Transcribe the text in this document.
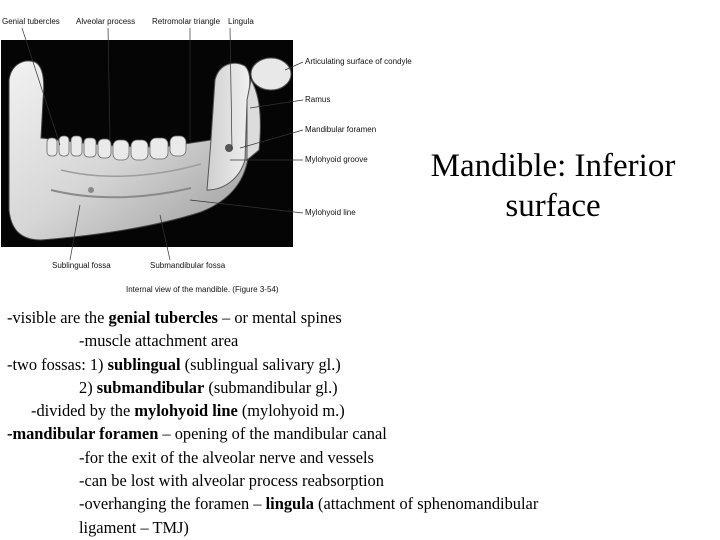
Genial tubercles Alveolar process Retromolar triangle Lingula
Articulating surface of condyle
Ramus
Mandibular foramen
Mylohyoid groove
Mylohyoid line
Sublingual fossa	Submandibular fossa
Internal view of the mandible. (Figure 3-54)
Mandible: Inferior
surface
-visible are the genial tubercles – or mental spines
-muscle attachment area
-two fossas: 1) sublingual (sublingual salivary gl.)
2) submandibular (submandibular gl.)
-divided by the mylohyoid line (mylohyoid m.)
-mandibular foramen – opening of the mandibular canal
-for the exit of the alveolar nerve and vessels
-can be lost with alveolar process reabsorption
-overhanging the foramen – lingula (attachment of sphenomandibular
ligament – TMJ)
